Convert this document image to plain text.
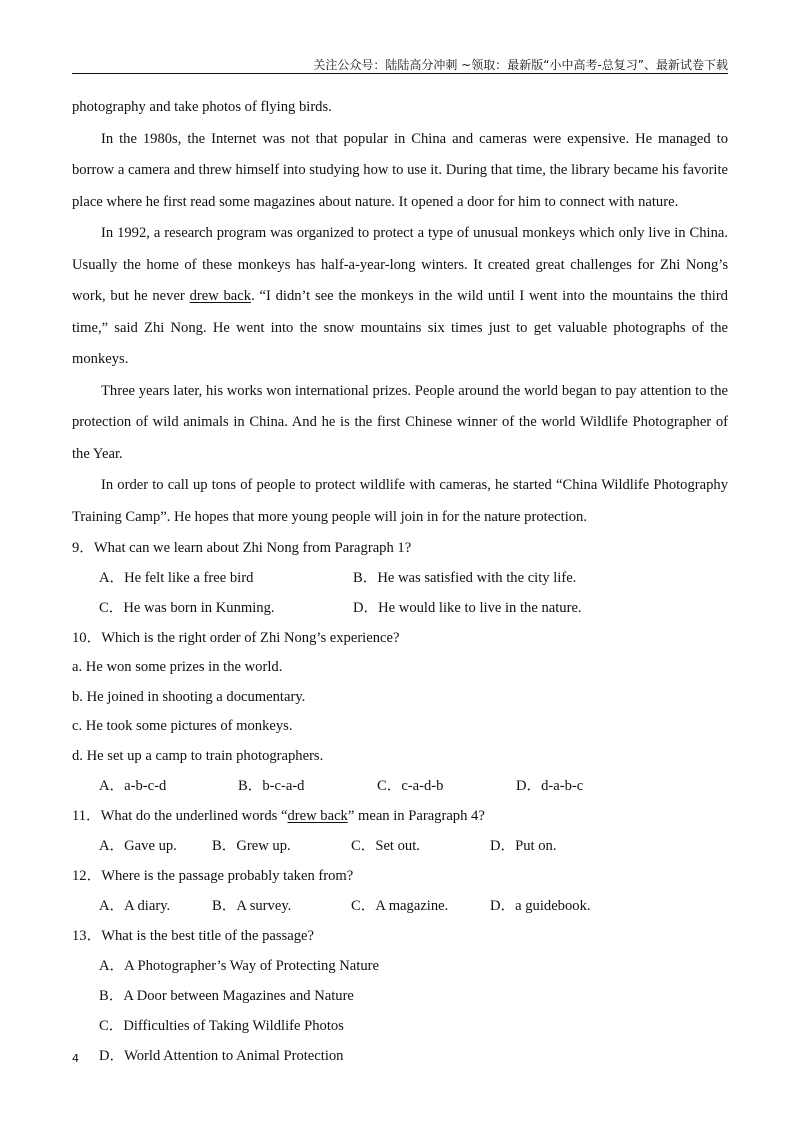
关注公众号：陆陆高分冲刺 ~领取：最新版“小中高考-总复习”、最新试卷下载

photography and take photos of flying birds.

In the 1980s, the Internet was not that popular in China and cameras were expensive. He managed to borrow a camera and threw himself into studying how to use it. During that time, the library became his favorite place where he first read some magazines about nature. It opened a door for him to connect with nature.

In 1992, a research program was organized to protect a type of unusual monkeys which only live in China. Usually the home of these monkeys has half-a-year-long winters. It created great challenges for Zhi Nong’s work, but he never drew back. “I didn’t see the monkeys in the wild until I went into the mountains the third time,” said Zhi Nong. He went into the snow mountains six times just to get valuable photographs of the monkeys.

Three years later, his works won international prizes. People around the world began to pay attention to the protection of wild animals in China. And he is the first Chinese winner of the world Wildlife Photographer of the Year.

In order to call up tons of people to protect wildlife with cameras, he started “China Wildlife Photography Training Camp”. He hopes that more young people will join in for the nature protection.

9．What can we learn about Zhi Nong from Paragraph 1?

A．He felt like a free bird	B．He was satisfied with the city life.
C．He was born in Kunming.	D．He would like to live in the nature.

10．Which is the right order of Zhi Nong’s experience?

a. He won some prizes in the world.

b. He joined in shooting a documentary.

c. He took some pictures of monkeys.

d. He set up a camp to train photographers.

A．a-b-c-d	B．b-c-a-d	C．c-a-d-b	D．d-a-b-c

11．What do the underlined words “drew back” mean in Paragraph 4?

A．Gave up.	B．Grew up.	C．Set out.	D．Put on.

12．Where is the passage probably taken from?

A．A diary.	B．A survey.	C．A magazine.	D．a guidebook.

13．What is the best title of the passage?

A．A Photographer’s Way of Protecting Nature
B．A Door between Magazines and Nature
C．Difficulties of Taking Wildlife Photos
D．World Attention to Animal Protection
4
